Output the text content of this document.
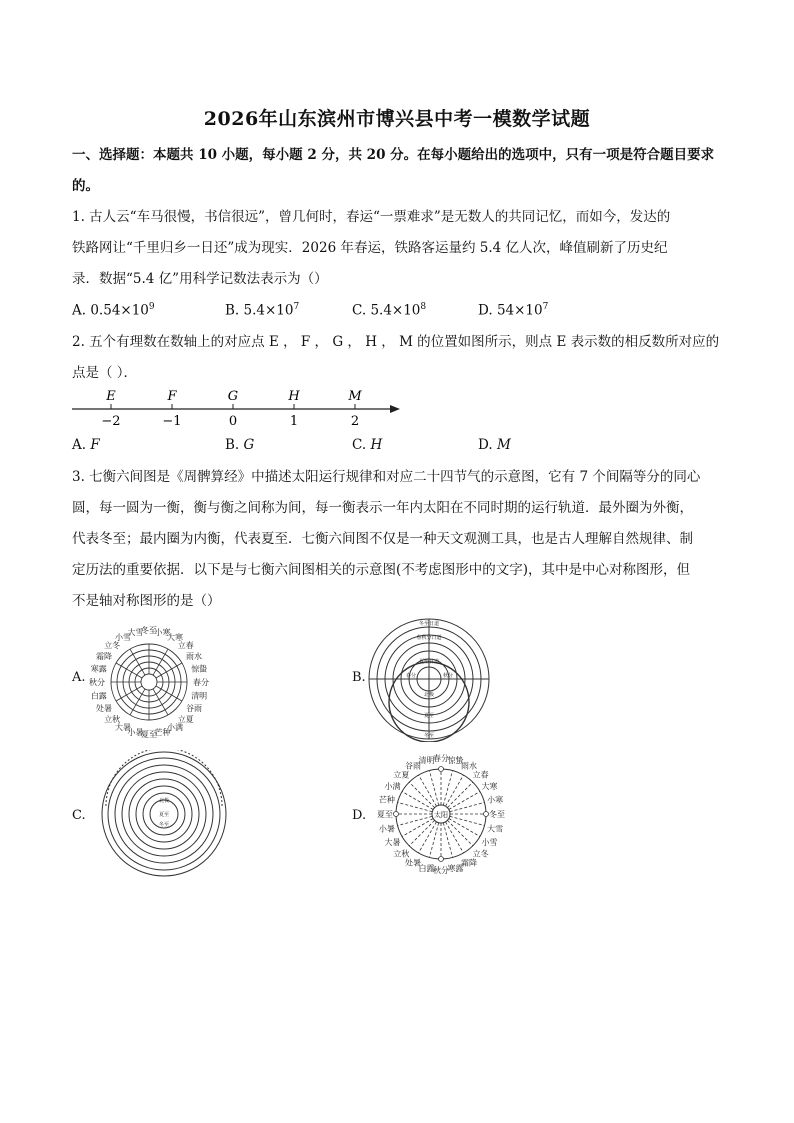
2026年山东滨州市博兴县中考一模数学试题
一、选择题：本题共 10 小题，每小题 2 分，共 20 分。在每小题给出的选项中，只有一项是符合题目要求
的。
1. 古人云“车马很慢，书信很远”，曾几何时，春运“一票难求”是无数人的共同记忆，而如今，发达的
铁路网让“千里归乡一日还”成为现实．2026 年春运，铁路客运量约 5.4 亿人次，峰值刷新了历史纪
录．数据“5.4 亿”用科学记数法表示为（）
A. $0.54\times 10^9$	B. $5.4\times 10^7$	C. $5.4\times 10^8$	D. $54\times 10^7$
2. 五个有理数在数轴上的对应点 E ， F ， G ， H ， M 的位置如图所示，则点 E 表示数的相反数所对应的
点是（ ）．
E	F	G	H	M
−2	−1	0	1	2
A. F	B. G	C. H	D. M
3. 七衡六间图是《周髀算经》中描述太阳运行规律和对应二十四节气的示意图，它有 7 个间隔等分的同心
圆，每一圆为一衡，衡与衡之间称为间，每一衡表示一年内太阳在不同时期的运行轨道．最外圈为外衡，
代表冬至；最内圈为内衡，代表夏至．七衡六间图不仅是一种天文观测工具，也是古人理解自然规律、制
定历法的重要依据．以下是与七衡六间图相关的示意图(不考虑图形中的文字)，其中是中心对称图形，但
不是轴对称图形的是（）
A.
冬至
小寒
大寒
立春
雨水
惊蛰
春分
清明
谷雨
立夏
小满
芒种
夏至
小暑
大暑
立秋
处暑
白露
秋分
寒露
霜降
立冬
小雪
大雪
B.
冬至日道
春秋分日道
夏至日道
北极
冬至
夏至
春分	秋分
C.
北极
夏至
冬至
D.	太阳
春分
惊蛰
雨水
立春
大寒
小寒
冬至
大雪
小雪
立冬
霜降
寒露
秋分
白露
处暑
立秋
大暑
小暑
夏至
芒种
小满
立夏
谷雨
清明
